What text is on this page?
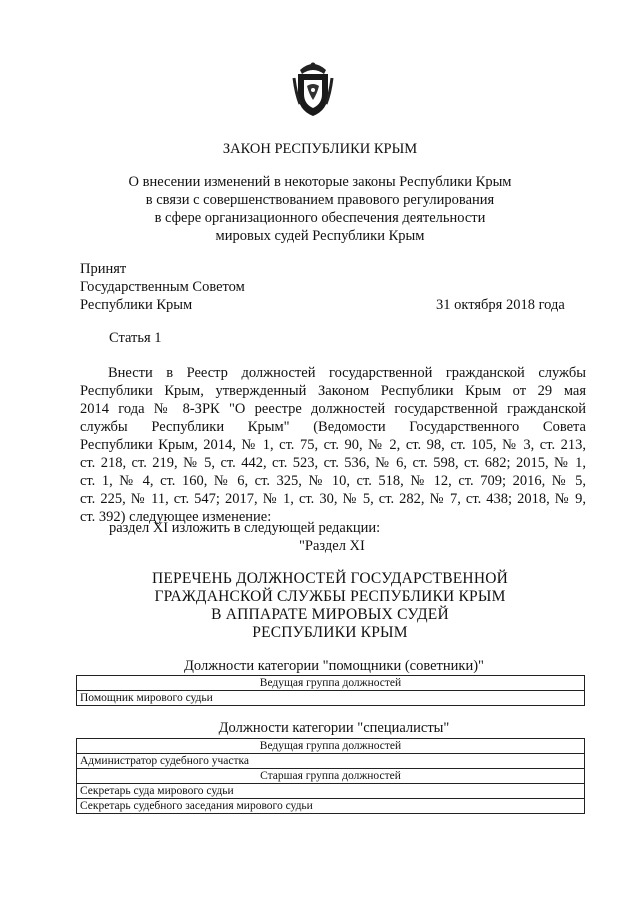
ЗАКОН РЕСПУБЛИКИ КРЫМ
О внесении изменений в некоторые законы Республики Крым
в связи с совершенствованием правового регулирования
в сфере организационного обеспечения деятельности
мировых судей Республики Крым
Принят
Государственным Советом
Республики Крым	31 октября 2018 года
Статья 1
Внести в Реестр должностей государственной гражданской службы
Республики Крым, утвержденный Законом Республики Крым от 29 мая
2014 года № 8-ЗРК "О реестре должностей государственной гражданской
службы Республики Крым" (Ведомости Государственного Совета
Республики Крым, 2014, № 1, ст. 75, ст. 90, № 2, ст. 98, ст. 105, № 3, ст. 213,
ст. 218, ст. 219, № 5, ст. 442, ст. 523, ст. 536, № 6, ст. 598, ст. 682; 2015, № 1,
ст. 1, № 4, ст. 160, № 6, ст. 325, № 10, ст. 518, № 12, ст. 709; 2016, № 5,
ст. 225, № 11, ст. 547; 2017, № 1, ст. 30, № 5, ст. 282, № 7, ст. 438; 2018, № 9,
ст. 392) следующее изменение:
раздел XI изложить в следующей редакции:
"Раздел XI
ПЕРЕЧЕНЬ ДОЛЖНОСТЕЙ ГОСУДАРСТВЕННОЙ
ГРАЖДАНСКОЙ СЛУЖБЫ РЕСПУБЛИКИ КРЫМ
В АППАРАТЕ МИРОВЫХ СУДЕЙ
РЕСПУБЛИКИ КРЫМ
Должности категории "помощники (советники)"
Ведущая группа должностей
Помощник мирового судьи
Должности категории "специалисты"
Ведущая группа должностей
Администратор судебного участка
Старшая группа должностей
Секретарь суда мирового судьи
Секретарь судебного заседания мирового судьи
